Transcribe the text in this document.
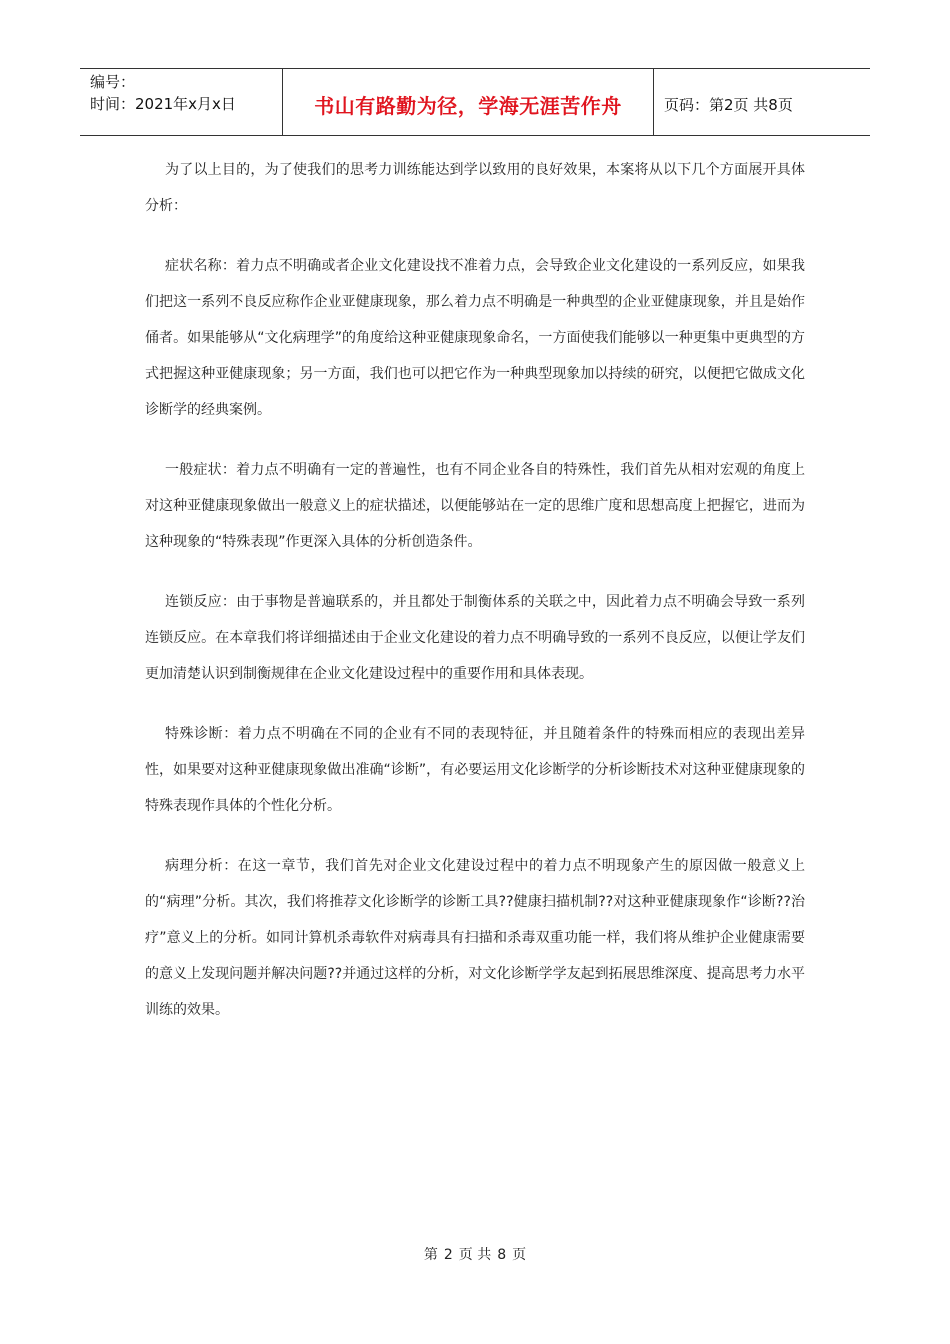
编号：
时间：2021年x月x日	书山有路勤为径，学海无涯苦作舟	页码：第2页 共8页

为了以上目的，为了使我们的思考力训练能达到学以致用的良好效果，本案将从以下几个方面展开具体分析：

症状名称：着力点不明确或者企业文化建设找不准着力点，会导致企业文化建设的一系列反应，如果我们把这一系列不良反应称作企业亚健康现象，那么着力点不明确是一种典型的企业亚健康现象，并且是始作俑者。如果能够从“文化病理学”的角度给这种亚健康现象命名，一方面使我们能够以一种更集中更典型的方式把握这种亚健康现象；另一方面，我们也可以把它作为一种典型现象加以持续的研究，以便把它做成文化诊断学的经典案例。

一般症状：着力点不明确有一定的普遍性，也有不同企业各自的特殊性，我们首先从相对宏观的角度上对这种亚健康现象做出一般意义上的症状描述，以便能够站在一定的思维广度和思想高度上把握它，进而为这种现象的“特殊表现”作更深入具体的分析创造条件。

连锁反应：由于事物是普遍联系的，并且都处于制衡体系的关联之中，因此着力点不明确会导致一系列连锁反应。在本章我们将详细描述由于企业文化建设的着力点不明确导致的一系列不良反应，以便让学友们更加清楚认识到制衡规律在企业文化建设过程中的重要作用和具体表现。

特殊诊断：着力点不明确在不同的企业有不同的表现特征，并且随着条件的特殊而相应的表现出差异性，如果要对这种亚健康现象做出准确“诊断”，有必要运用文化诊断学的分析诊断技术对这种亚健康现象的特殊表现作具体的个性化分析。

病理分析：在这一章节，我们首先对企业文化建设过程中的着力点不明现象产生的原因做一般意义上的“病理”分析。其次，我们将推荐文化诊断学的诊断工具??健康扫描机制??对这种亚健康现象作“诊断??治疗”意义上的分析。如同计算机杀毒软件对病毒具有扫描和杀毒双重功能一样，我们将从维护企业健康需要的意义上发现问题并解决问题??并通过这样的分析，对文化诊断学学友起到拓展思维深度、提高思考力水平训练的效果。

第 2 页 共 8 页
